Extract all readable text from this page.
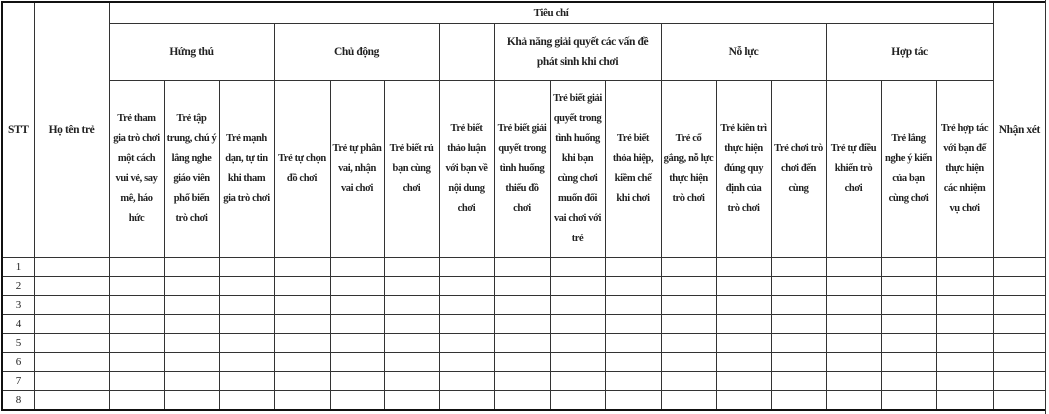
STT	Họ tên trẻ	Tiêu chí																Nhận xét
		Hứng thú			Chủ động				Khả năng giải quyết các vấn đề phát sinh khi chơi			Nỗ lực			Hợp tác			
		Trẻ tham gia trò chơi một cách vui vẻ, say mê, háo hức	Trẻ tập trung, chú ý lắng nghe giáo viên phổ biến trò chơi	Trẻ mạnh dạn, tự tin khi tham gia trò chơi	Trẻ tự chọn đồ chơi	Trẻ tự phân vai, nhận vai chơi	Trẻ biết rủ bạn cùng chơi	Trẻ biết thảo luận với bạn về nội dung chơi	Trẻ biết giải quyết trong tình huống thiếu đồ chơi	Trẻ biết giải quyết trong tình huống khi bạn cùng chơi muốn đổi vai chơi với trẻ	Trẻ biết thỏa hiệp, kiềm chế khi chơi	Trẻ cố gắng, nỗ lực thực hiện trò chơi	Trẻ kiên trì thực hiện đúng quy định của trò chơi	Trẻ chơi trò chơi đến cùng	Trẻ tự điều khiển trò chơi	Trẻ lắng nghe ý kiến của bạn cùng chơi	Trẻ hợp tác với bạn để thực hiện các nhiệm vụ chơi	
1																		
2																		
3																		
4																		
5																		
6																		
7																		
8																		
